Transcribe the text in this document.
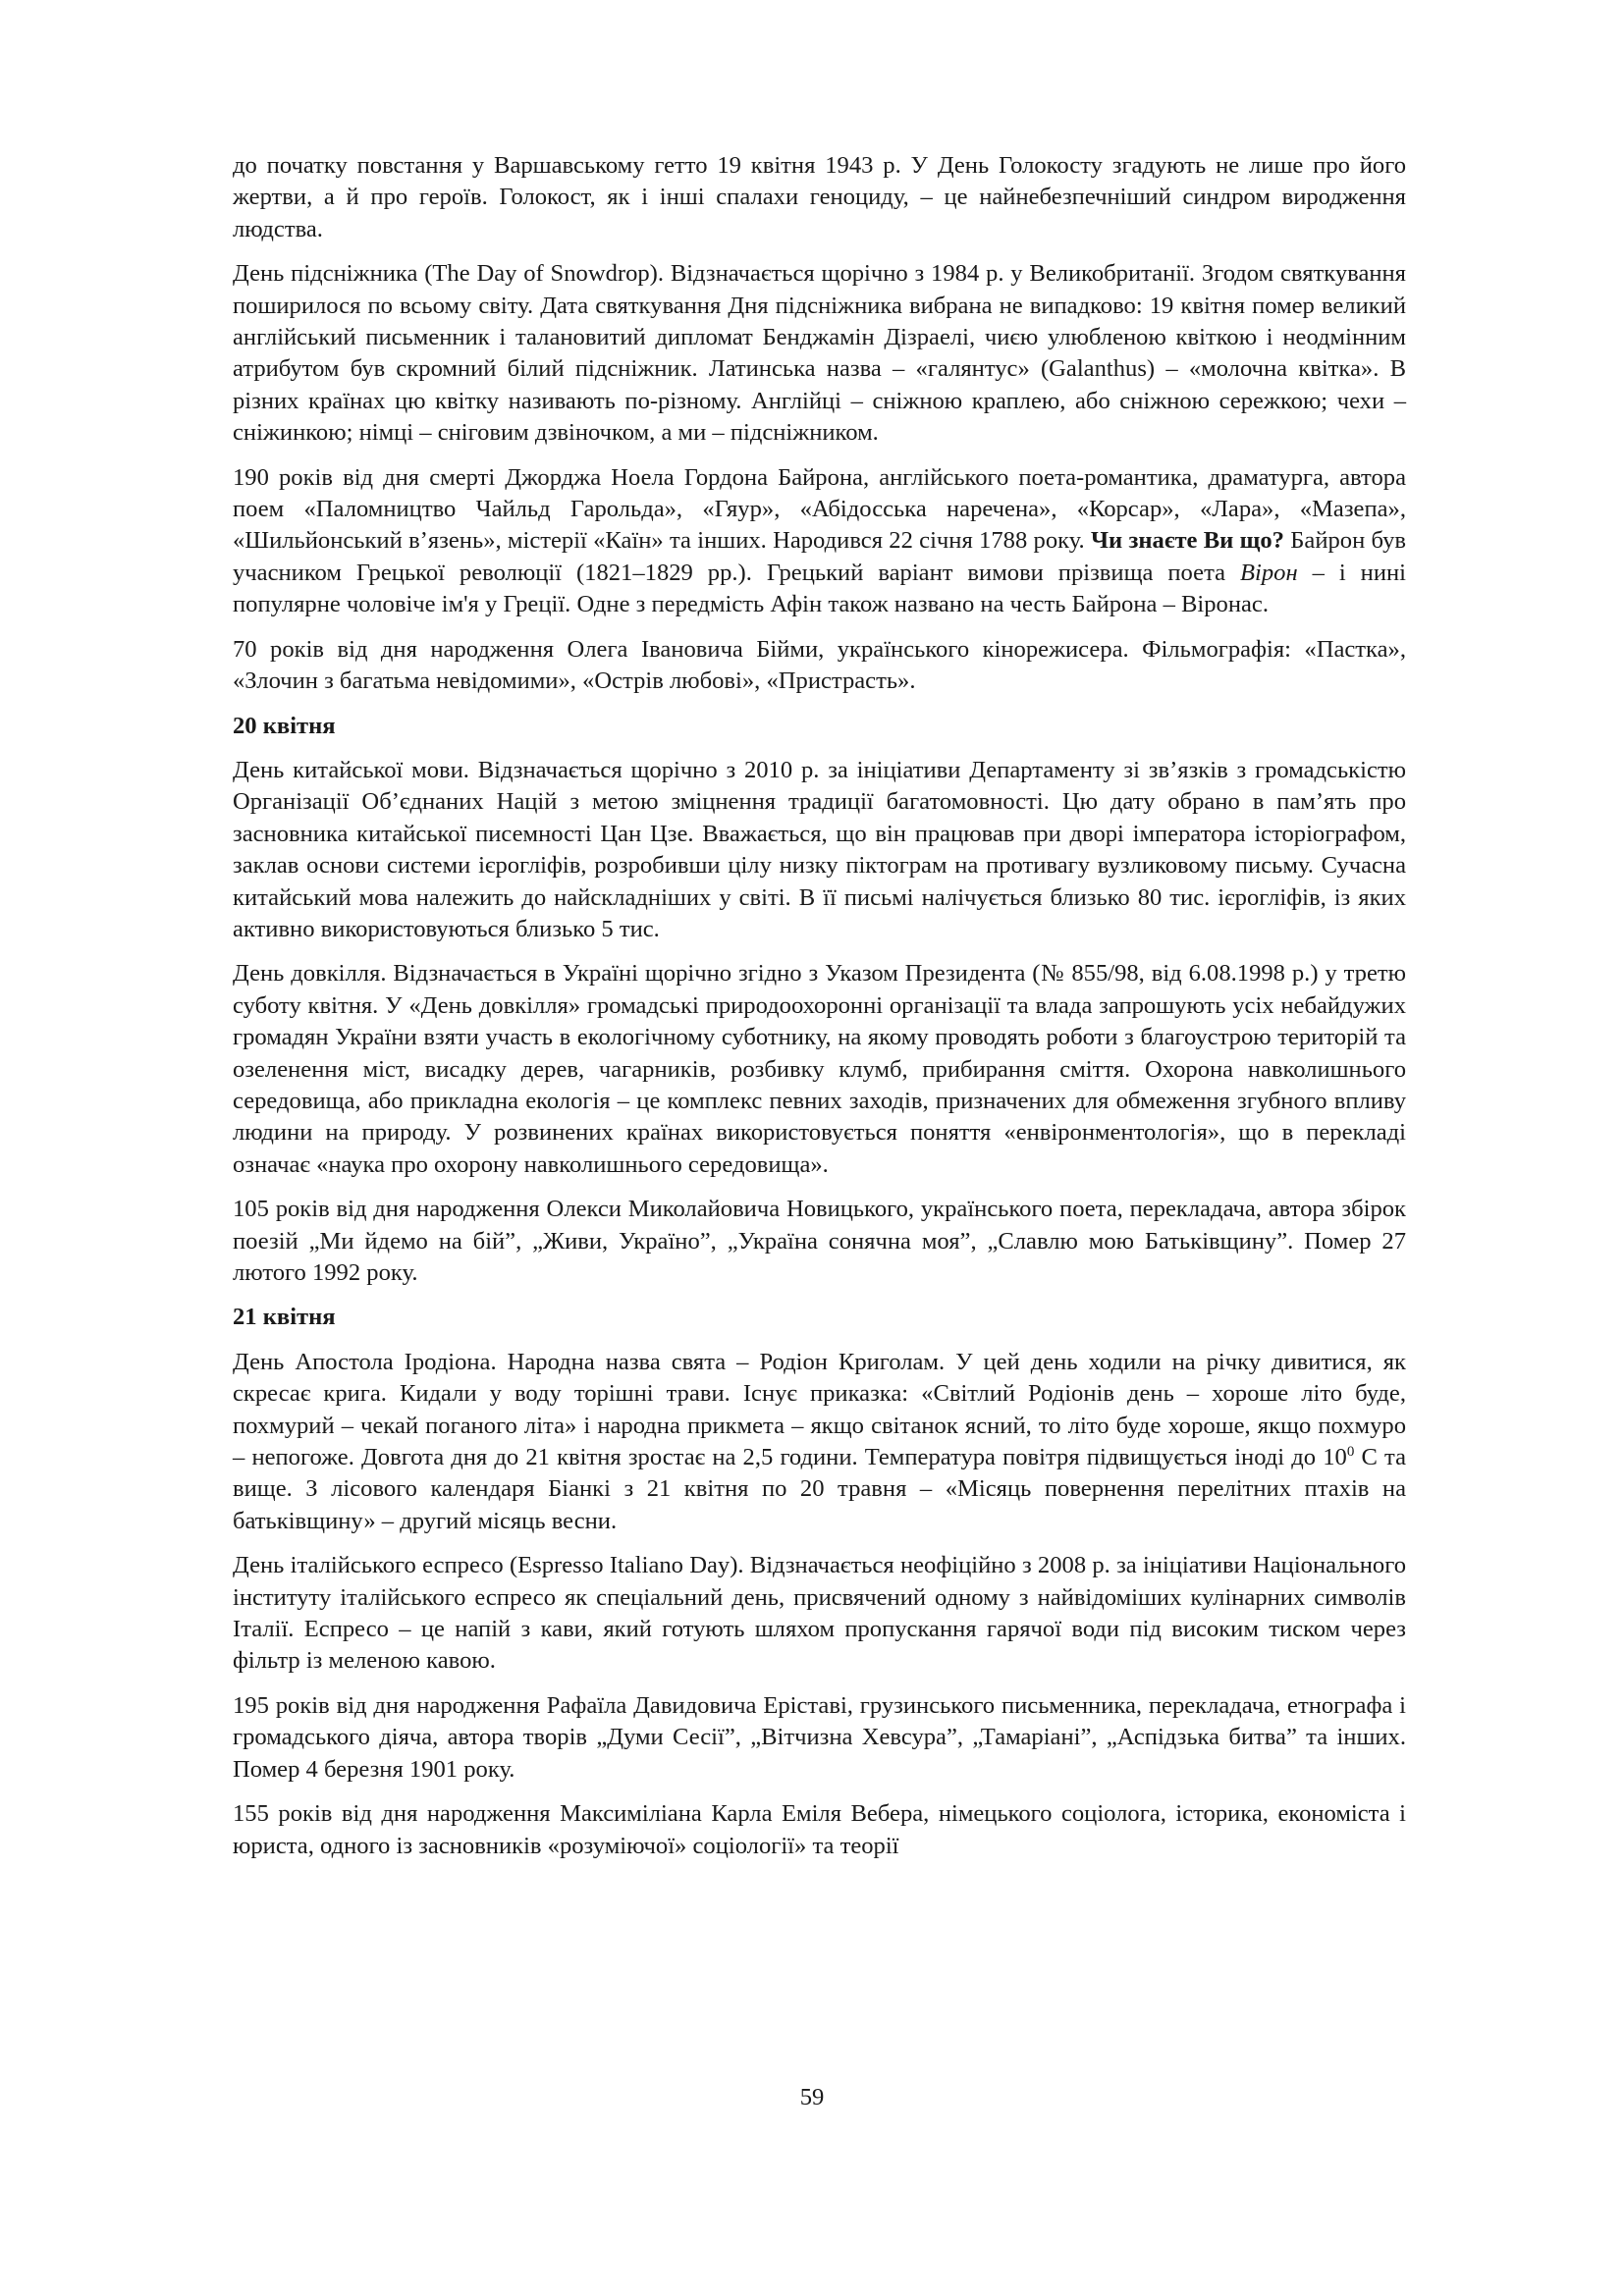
до початку повстання у Варшавському гетто 19 квітня 1943 р. У День Голокосту згадують не лише про його жертви, а й про героїв. Голокост, як і інші спалахи геноциду, – це найнебезпечніший синдром виродження людства.

День підсніжника (The Day of Snowdrop). Відзначається щорічно з 1984 р. у Великобританії. Згодом святкування поширилося по всьому світу. Дата святкування Дня підсніжника вибрана не випадково: 19 квітня помер великий англійський письменник і талановитий дипломат Бенджамін Дізраелі, чиєю улюбленою квіткою і неодмінним атрибутом був скромний білий підсніжник. Латинська назва – «галянтус» (Galanthus) – «молочна квітка». В різних країнах цю квітку називають по-різному. Англійці – сніжною краплею, або сніжною сережкою; чехи – сніжинкою; німці – сніговим дзвіночком, а ми – підсніжником.

190 років від дня смерті Джорджа Ноела Гордона Байрона, англійського поета-романтика, драматурга, автора поем «Паломництво Чайльд Гарольда», «Гяур», «Абідосська наречена», «Корсар», «Лара», «Мазепа», «Шильйонський в’язень», містерії «Каїн» та інших. Народився 22 січня 1788 року. Чи знаєте Ви що? Байрон був учасником Грецької революції (1821–1829 рр.). Грецький варіант вимови прізвища поета Вірон – і нині популярне чоловіче ім'я у Греції. Одне з передмість Афін також названо на честь Байрона – Віронас.

70 років від дня народження Олега Івановича Бійми, українського кінорежисера. Фільмографія: «Пастка», «Злочин з багатьма невідомими», «Острів любові», «Пристрасть».

20 квітня

День китайської мови. Відзначається щорічно з 2010 р. за ініціативи Департаменту зі зв’язків з громадськістю Організації Об’єднаних Націй з метою зміцнення традиції багатомовності. Цю дату обрано в пам’ять про засновника китайської писемності Цан Цзе. Вважається, що він працював при дворі імператора історіографом, заклав основи системи ієрогліфів, розробивши цілу низку піктограм на противагу вузликовому письму. Сучасна китайський мова належить до найскладніших у світі. В її письмі налічується близько 80 тис. ієрогліфів, із яких активно використовуються близько 5 тис.

День довкілля. Відзначається в Україні щорічно згідно з Указом Президента (№ 855/98, від 6.08.1998 р.) у третю суботу квітня. У «День довкілля» громадські природоохоронні організації та влада запрошують усіх небайдужих громадян України взяти участь в екологічному суботнику, на якому проводять роботи з благоустрою територій та озеленення міст, висадку дерев, чагарників, розбивку клумб, прибирання сміття. Охорона навколишнього середовища, або прикладна екологія – це комплекс певних заходів, призначених для обмеження згубного впливу людини на природу. У розвинених країнах використовується поняття «енвіронментологія», що в перекладі означає «наука про охорону навколишнього середовища».

105 років від дня народження Олекси Миколайовича Новицького, українського поета, перекладача, автора збірок поезій „Ми йдемо на бій”, „Живи, Україно”, „Україна сонячна моя”, „Славлю мою Батьківщину”. Помер 27 лютого 1992 року.

21 квітня

День Апостола Іродіона. Народна назва свята – Родіон Криголам. У цей день ходили на річку дивитися, як скресає крига. Кидали у воду торішні трави. Існує приказка: «Світлий Родіонів день – хороше літо буде, похмурий – чекай поганого літа» і народна прикмета – якщо світанок ясний, то літо буде хороше, якщо похмуро – непогоже. Довгота дня до 21 квітня зростає на 2,5 години. Температура повітря підвищується іноді до $10^0$ С та вище. З лісового календаря Біанкі з 21 квітня по 20 травня – «Місяць повернення перелітних птахів на батьківщину» – другий місяць весни.

День італійського еспресо (Espresso Italiano Day). Відзначається неофіційно з 2008 р. за ініціативи Національного інституту італійського еспресо як спеціальний день, присвячений одному з найвідоміших кулінарних символів Італії. Еспресо – це напій з кави, який готують шляхом пропускання гарячої води під високим тиском через фільтр із меленою кавою.

195 років від дня народження Рафаїла Давидовича Еріставі, грузинського письменника, перекладача, етнографа і громадського діяча, автора творів „Думи Сесії”, „Вітчизна Хевсура”, „Тамаріані”, „Аспідзька битва” та інших. Помер 4 березня 1901 року.

155 років від дня народження Максиміліана Карла Еміля Вебера, німецького соціолога, історика, економіста і юриста, одного із засновників «розуміючої» соціології» та теорії

59
